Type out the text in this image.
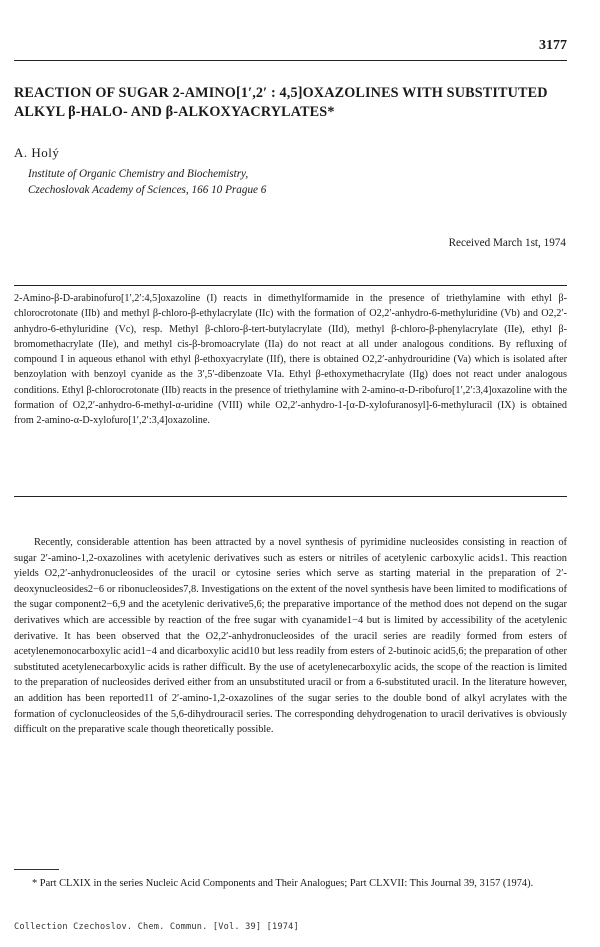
3177
REACTION OF SUGAR 2-AMINO[1′,2′ : 4,5]OXAZOLINES WITH SUBSTITUTED ALKYL β-HALO- AND β-ALKOXYACRYLATES*
A. Holý
Institute of Organic Chemistry and Biochemistry,
Czechoslovak Academy of Sciences, 166 10 Prague 6
Received March 1st, 1974
2-Amino-β-D-arabinofuro[1′,2′:4,5]oxazoline (I) reacts in dimethylformamide in the presence of triethylamine with ethyl β-chlorocrotonate (IIb) and methyl β-chloro-β-ethylacrylate (IIc) with the formation of O2,2′-anhydro-6-methyluridine (Vb) and O2,2′-anhydro-6-ethyluridine (Vc), resp. Methyl β-chloro-β-tert-butylacrylate (IId), methyl β-chloro-β-phenylacrylate (IIe), ethyl β-bromomethacrylate (IIe), and methyl cis-β-bromoacrylate (IIa) do not react at all under analogous conditions. By refluxing of compound I in aqueous ethanol with ethyl β-ethoxyacrylate (IIf), there is obtained O2,2′-anhydrouridine (Va) which is isolated after benzoylation with benzoyl cyanide as the 3′,5′-dibenzoate VIa. Ethyl β-ethoxymethacrylate (IIg) does not react under analogous conditions. Ethyl β-chlorocrotonate (IIb) reacts in the presence of triethylamine with 2-amino-α-D-ribofuro[1′,2′:3,4]oxazoline with the formation of O2,2′-anhydro-6-methyl-α-uridine (VIII) while O2,2′-anhydro-1-[α-D-xylofuranosyl]-6-methyluracil (IX) is obtained from 2-amino-α-D-xylofuro[1′,2′:3,4]oxazoline.

Recently, considerable attention has been attracted by a novel synthesis of pyrimidine nucleosides consisting in reaction of sugar 2′-amino-1,2-oxazolines with acetylenic derivatives such as esters or nitriles of acetylenic carboxylic acids1. This reaction yields O2,2′-anhydronucleosides of the uracil or cytosine series which serve as starting material in the preparation of 2′-deoxynucleosides2−6 or ribonucleosides7,8. Investigations on the extent of the novel synthesis have been limited to modifications of the sugar component2−6,9 and the acetylenic derivative5,6; the preparative importance of the method does not depend on the sugar derivatives which are accessible by reaction of the free sugar with cyanamide1−4 but is limited by accessibility of the acetylenic derivative. It has been observed that the O2,2′-anhydronucleosides of the uracil series are readily formed from esters of acetylenemonocarboxylic acid1−4 and dicarboxylic acid10 but less readily from esters of 2-butinoic acid5,6; the preparation of other substituted acetylenecarboxylic acids is rather difficult. By the use of acetylenecarboxylic acids, the scope of the reaction is limited to the preparation of nucleosides derived either from an unsubstituted uracil or from a 6-substituted uracil. In the literature however, an addition has been reported11 of 2′-amino-1,2-oxazolines of the sugar series to the double bond of alkyl acrylates with the formation of cyclonucleosides of the 5,6-dihydrouracil series. The corresponding dehydrogenation to uracil derivatives is obviously difficult on the preparative scale though theoretically possible.

* Part CLXIX in the series Nucleic Acid Components and Their Analogues; Part CLXVII: This Journal 39, 3157 (1974).
Collection Czechoslov. Chem. Commun. [Vol. 39] [1974]
